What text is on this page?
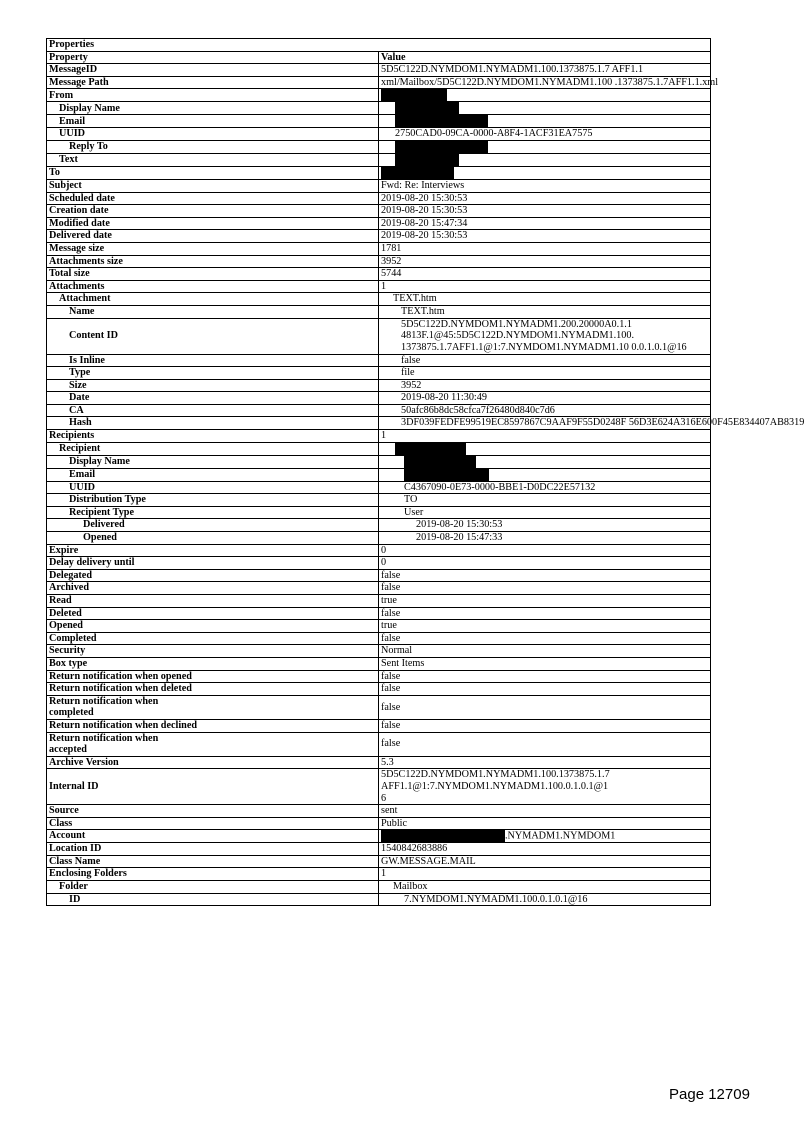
Properties	
Property	Value
MessageID	5D5C122D.NYMDOM1.NYMADM1.100.1373875.1.7 AFF1.1
Message Path	xml/Mailbox/5D5C122D.NYMDOM1.NYMADM1.100 .1373875.1.7AFF1.1.xml
From	
Display Name	
Email	
UUID	2750CAD0-09CA-0000-A8F4-1ACF31EA7575
Reply To	
Text	
To	
Subject	Fwd: Re: Interviews
Scheduled date	2019-08-20 15:30:53
Creation date	2019-08-20 15:30:53
Modified date	2019-08-20 15:47:34
Delivered date	2019-08-20 15:30:53
Message size	1781
Attachments size	3952
Total size	5744
Attachments	1
Attachment	TEXT.htm
Name	TEXT.htm
Content ID	5D5C122D.NYMDOM1.NYMADM1.200.20000A0.1.1
4813F.1@45:5D5C122D.NYMDOM1.NYMADM1.100.
1373875.1.7AFF1.1@1:7.NYMDOM1.NYMADM1.10 0.0.1.0.1@16

Is Inline	false
Type	file
Size	3952
Date	2019-08-20 11:30:49
CA	50afc86b8dc58cfca7f26480d840c7d6
Hash	3DF039FEDFE99519EC8597867C9AAF9F55D0248F 56D3E624A316E600F45E834407AB8319
Recipients	1
Recipient	
Display Name	
Email	
UUID	C4367090-0E73-0000-BBE1-D0DC22E57132
Distribution Type	TO
Recipient Type	User
Delivered	2019-08-20 15:30:53
Opened	2019-08-20 15:47:33
Expire	0
Delay delivery until	0
Delegated	false
Archived	false
Read	true
Deleted	false
Opened	true
Completed	false
Security	Normal
Box type	Sent Items
Return notification when opened	false
Return notification when deleted	false

Return notification when
completed	false
Return notification when declined	false

Return notification when
accepted	false
Archive Version	5.3
Internal ID	5D5C122D.NYMDOM1.NYMADM1.100.1373875.1.7 AFF1.1@1:7.NYMDOM1.NYMADM1.100.0.1.0.1@1
6

Source	sent
Class	Public
Account	.NYMADM1.NYMDOM1
Location ID	1540842683886
Class Name	GW.MESSAGE.MAIL
Enclosing Folders	1
Folder	Mailbox
ID	7.NYMDOM1.NYMADM1.100.0.1.0.1@16
Page 12709
